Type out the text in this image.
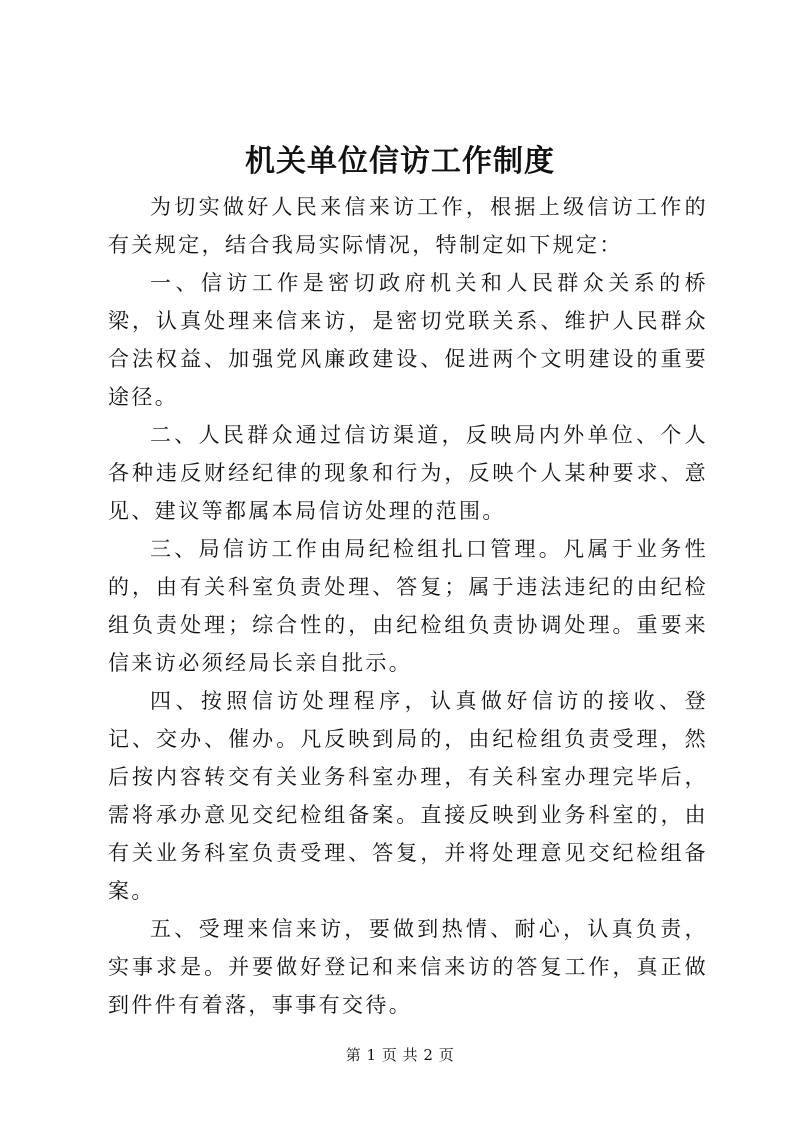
机关单位信访工作制度

为切实做好人民来信来访工作，根据上级信访工作的有关规定，结合我局实际情况，特制定如下规定：

一、信访工作是密切政府机关和人民群众关系的桥梁，认真处理来信来访，是密切党联关系、维护人民群众合法权益、加强党风廉政建设、促进两个文明建设的重要途径。

二、人民群众通过信访渠道，反映局内外单位、个人各种违反财经纪律的现象和行为，反映个人某种要求、意见、建议等都属本局信访处理的范围。

三、局信访工作由局纪检组扎口管理。凡属于业务性的，由有关科室负责处理、答复；属于违法违纪的由纪检组负责处理；综合性的，由纪检组负责协调处理。重要来信来访必须经局长亲自批示。

四、按照信访处理程序，认真做好信访的接收、登记、交办、催办。凡反映到局的，由纪检组负责受理，然后按内容转交有关业务科室办理，有关科室办理完毕后，需将承办意见交纪检组备案。直接反映到业务科室的，由有关业务科室负责受理、答复，并将处理意见交纪检组备案。

五、受理来信来访，要做到热情、耐心，认真负责，实事求是。并要做好登记和来信来访的答复工作，真正做到件件有着落，事事有交待。

第 1 页 共 2 页
